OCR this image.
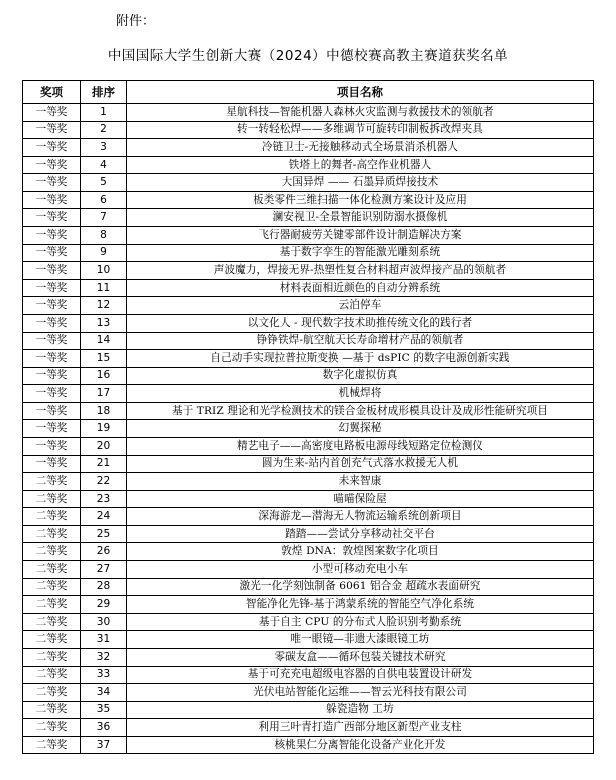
附件：
中国国际大学生创新大赛（2024）中德校赛高教主赛道获奖名单
奖项	排序	项目名称
一等奖	1	星航科技—智能机器人森林火灾监测与救援技术的领航者
一等奖	2	转一转轻松焊——多维调节可旋转印制板拆改焊夹具
一等奖	3	冷链卫士-无接触移动式全场景消杀机器人
一等奖	4	铁塔上的舞者-高空作业机器人
一等奖	5	大国异焊 —— 石墨异质焊接技术
一等奖	6	板类零件三维扫描一体化检测方案设计及应用
一等奖	7	澜安视卫-全景智能识别防溺水摄像机
一等奖	8	飞行器耐疲劳关键零部件设计制造解决方案
一等奖	9	基于数字孪生的智能激光雕刻系统
一等奖	10	声波魔力，焊接无界-热塑性复合材料超声波焊接产品的领航者
一等奖	11	材料表面相近颜色的自动分辨系统
一等奖	12	云泊停车
一等奖	13	以文化人 - 现代数字技术助推传统文化的践行者
一等奖	14	铮铮铁焊-航空航天长寿命增材产品的领航者
一等奖	15	自己动手实现拉普拉斯变换 —基于 dsPIC 的数字电源创新实践
一等奖	16	数字化虚拟仿真
一等奖	17	机械焊将
一等奖	18	基于 TRIZ 理论和光学检测技术的镁合金板材成形模具设计及成形性能研究项目
一等奖	19	幻翼探秘
一等奖	20	精艺电子——高密度电路板电源母线短路定位检测仪
一等奖	21	圆为生来-站内首创充气式落水救援无人机
二等奖	22	未来智康
二等奖	23	喵喵保险屋
二等奖	24	深海游龙—潜海无人物流运输系统创新项目
二等奖	25	踏踏——尝试分享移动社交平台
二等奖	26	敦煌 DNA：敦煌图案数字化项目
二等奖	27	小型可移动充电小车
二等奖	28	激光一化学刻蚀制备 6061 铝合金 超疏水表面研究
二等奖	29	智能净化先锋-基于鸿蒙系统的智能空气净化系统
二等奖	30	基于自主 CPU 的分布式人脸识别考勤系统
二等奖	31	唯一眼镜—非遗大漆眼镜工坊
二等奖	32	零碳友盒——循环包装关键技术研究
二等奖	33	基于可充充电超级电容器的自供电装置设计研发
二等奖	34	光伏电站智能化运维——智云光科技有限公司
二等奖	35	躲瓷造物 工坊
二等奖	36	利用三叶青打造广西部分地区新型产业支柱
二等奖	37	核桃果仁分离智能化设备产业化开发
